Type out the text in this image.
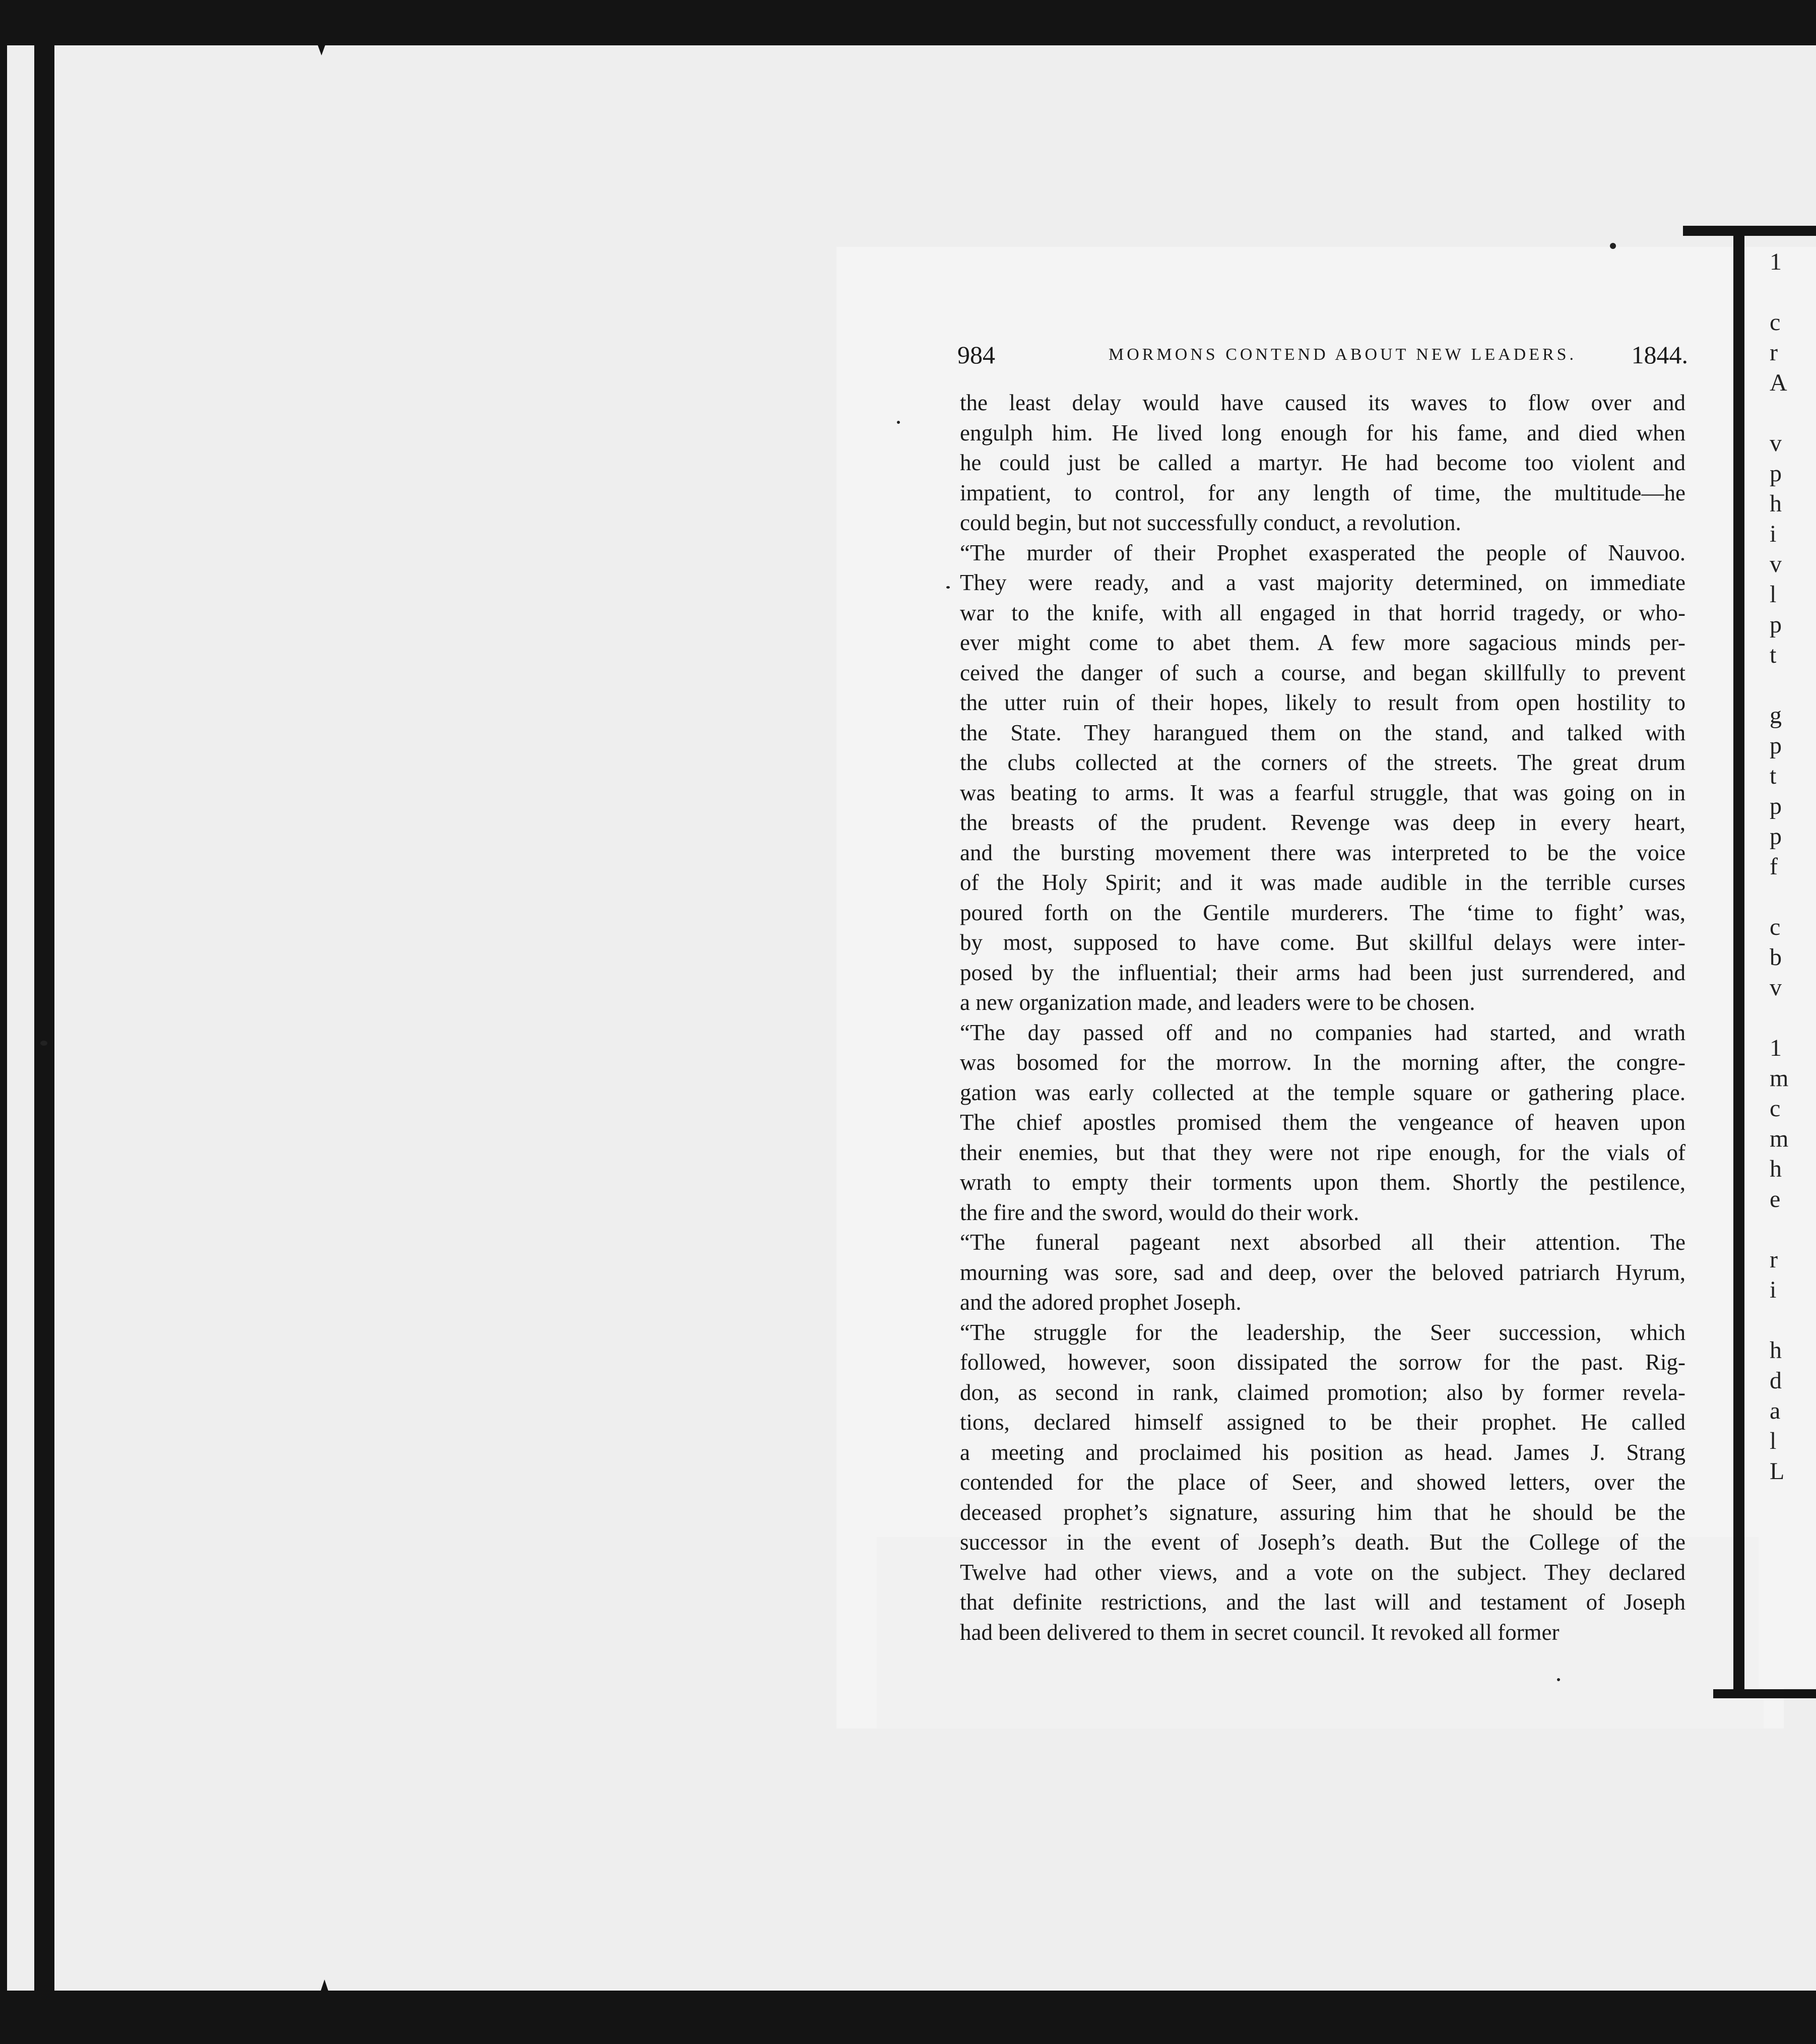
1

c
r
A

v
p
h
i
v
l
p
t

g
p
t
p
p
f

c
b
v

1
m
c
m
h
e

r
i

h
d
a
l
L
984	MORMONS CONTEND ABOUT NEW LEADERS. 1844.

the least delay would have caused its waves to flow over and
engulph him. He lived long enough for his fame, and died when
he could just be called a martyr. He had become too violent and
impatient, to control, for any length of time, the multitude—he
could begin, but not successfully conduct, a revolution.

“The murder of their Prophet exasperated the people of Nauvoo.
They were ready, and a vast majority determined, on immediate
war to the knife, with all engaged in that horrid tragedy, or who-
ever might come to abet them. A few more sagacious minds per-
ceived the danger of such a course, and began skillfully to prevent
the utter ruin of their hopes, likely to result from open hostility to
the State. They harangued them on the stand, and talked with
the clubs collected at the corners of the streets. The great drum
was beating to arms. It was a fearful struggle, that was going on in
the breasts of the prudent. Revenge was deep in every heart,
and the bursting movement there was interpreted to be the voice
of the Holy Spirit; and it was made audible in the terrible curses
poured forth on the Gentile murderers. The ‘time to fight’ was,
by most, supposed to have come. But skillful delays were inter-
posed by the influential; their arms had been just surrendered, and
a new organization made, and leaders were to be chosen.

“The day passed off and no companies had started, and wrath
was bosomed for the morrow. In the morning after, the congre-
gation was early collected at the temple square or gathering place.
The chief apostles promised them the vengeance of heaven upon
their enemies, but that they were not ripe enough, for the vials of
wrath to empty their torments upon them. Shortly the pestilence,
the fire and the sword, would do their work.

“The funeral pageant next absorbed all their attention. The
mourning was sore, sad and deep, over the beloved patriarch Hyrum,
and the adored prophet Joseph.

“The struggle for the leadership, the Seer succession, which
followed, however, soon dissipated the sorrow for the past. Rig-
don, as second in rank, claimed promotion; also by former revela-
tions, declared himself assigned to be their prophet. He called
a meeting and proclaimed his position as head. James J. Strang
contended for the place of Seer, and showed letters, over the
deceased prophet’s signature, assuring him that he should be the
successor in the event of Joseph’s death. But the College of the
Twelve had other views, and a vote on the subject. They declared
that definite restrictions, and the last will and testament of Joseph
had been delivered to them in secret council. It revoked all former
